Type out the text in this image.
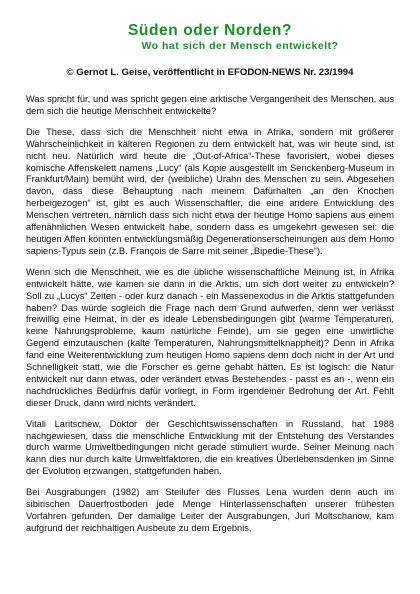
Süden oder Norden?
Wo hat sich der Mensch entwickelt?

© Gernot L. Geise, veröffentlicht in EFODON-NEWS Nr. 23/1994

Was spricht für, und was spricht gegen eine arktische Vergangenheit des Menschen, aus dem sich die heutige Menschheit entwickelte?

Die These, dass sich die Menschheit nicht etwa in Afrika, sondern mit größerer Wahrscheinlichkeit in kälteren Regionen zu dem entwickelt hat, was wir heute sind, ist nicht neu. Natürlich wird heute die „Out-of-Africa“-These favorisiert, wobei dieses komische Affenskelett namens „Lucy“ (als Kopie ausgestellt im Senckenberg-Museum in Frankfurt/Main) bemüht wird, der (weibliche) Urahn des Menschen zu sein. Abgesehen davon, dass diese Behauptung nach meinem Dafürhalten „an den Knochen herbeigezogen“ ist, gibt es auch Wissenschaftler, die eine andere Entwicklung des Menschen vertreten, nämlich dass sich nicht etwa der heutige Homo sapiens aus einem affenähnlichen Wesen entwickelt habe, sondern dass es umgekehrt gewesen sei: die heutigen Affen könnten entwicklungsmäßig Degenerationserscheinungen aus dem Homo sapiens-Typus sein (z.B. François de Sarre mit seiner „Bipedie-These“).

Wenn sich die Menschheit, wie es die übliche wissenschaftliche Meinung ist, in Afrika entwickelt hätte, wie kamen sie dann in die Arktis, um sich dort weiter zu entwickeln? Soll zu „Lucys“ Zeiten - oder kurz danach - ein Massenexodus in die Arktis stattgefunden haben? Das würde sogleich die Frage nach dem Grund aufwerfen, denn wer verlässt freiwillig eine Heimat, in der es ideale Lebensbedingungen gibt (warme Temperaturen, keine Nahrungsprobleme, kaum natürliche Feinde), um sie gegen eine unwirtliche Gegend einzutauschen (kalte Temperaturen, Nahrungsmittelknappheit)? Denn in Afrika fand eine Weiterentwicklung zum heutigen Homo sapiens denn doch nicht in der Art und Schnelligkeit statt, wie die Forscher es gerne gehabt hätten. Es ist logisch: die Natur entwickelt nur dann etwas, oder verändert etwas Bestehendes - passt es an -, wenn ein nachdrückliches Bedürfnis dafür vorliegt, in Form irgendeiner Bedrohung der Art. Fehlt dieser Druck, dann wird nichts verändert.

Vitali Laritschew, Doktor der Geschichtswissenschaften in Russland, hat 1988 nachgewiesen, dass die menschliche Entwicklung mit der Entstehung des Verstandes durch warme Umweltbedingungen nicht gerade stimuliert wurde. Seiner Meinung nach kann dies nur durch kalte Umweltfaktoren, die ein kreatives Überlebensdenken im Sinne der Evolution erzwangen, stattgefunden haben.

Bei Ausgrabungen (1982) am Steilufer des Flusses Lena wurden denn auch im sibirischen Dauerfrostboden jede Menge Hinterlassenschaften unserer frühesten Vorfahren gefunden. Der damalige Leiter der Ausgrabungen, Juri Moltschanow, kam aufgrund der reichhaltigen Ausbeute zu dem Ergebnis,
